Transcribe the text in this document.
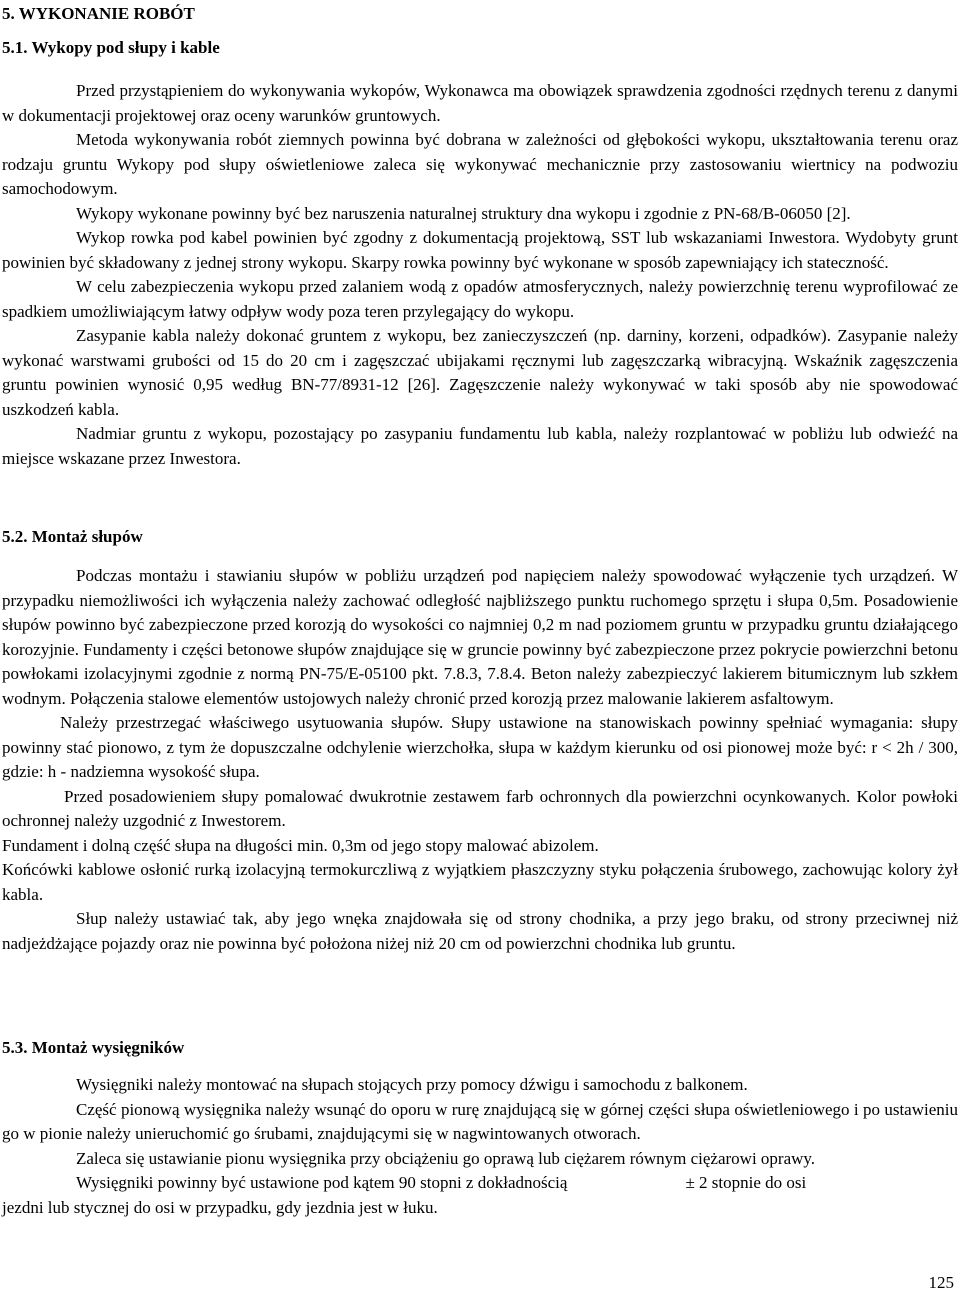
5. WYKONANIE ROBÓT
5.1. Wykopy pod słupy i kable

Przed przystąpieniem do wykonywania wykopów, Wykonawca ma obowiązek sprawdzenia zgodności rzędnych terenu z danymi w dokumentacji projektowej oraz oceny warunków gruntowych.

Metoda wykonywania robót ziemnych powinna być dobrana w zależności od głębokości wykopu, ukształtowania terenu oraz rodzaju gruntu Wykopy pod słupy oświetleniowe zaleca się wykonywać mechanicznie przy zastosowaniu wiertnicy na podwoziu samochodowym.

Wykopy wykonane powinny być bez naruszenia naturalnej struktury dna wykopu i zgodnie z PN-68/B-06050 [2].

Wykop rowka pod kabel powinien być zgodny z dokumentacją projektową, SST lub wskazaniami Inwestora. Wydobyty grunt powinien być składowany z jednej strony wykopu. Skarpy rowka powinny być wykonane w sposób zapewniający ich stateczność.

W celu zabezpieczenia wykopu przed zalaniem wodą z opadów atmosferycznych, należy powierzchnię terenu wyprofilować ze spadkiem umożliwiającym łatwy odpływ wody poza teren przylegający do wykopu.

Zasypanie kabla należy dokonać gruntem z wykopu, bez zanieczyszczeń (np. darniny, korzeni, odpadków). Zasypanie należy wykonać warstwami grubości od 15 do 20 cm i zagęszczać ubijakami ręcznymi lub zagęszczarką wibracyjną. Wskaźnik zagęszczenia gruntu powinien wynosić 0,95 według BN-77/8931-12 [26]. Zagęszczenie należy wykonywać w taki sposób aby nie spowodować uszkodzeń kabla.

Nadmiar gruntu z wykopu, pozostający po zasypaniu fundamentu lub kabla, należy rozplantować w pobliżu lub odwieźć na miejsce wskazane przez Inwestora.

5.2. Montaż słupów

Podczas montażu i stawianiu słupów w pobliżu urządzeń pod napięciem należy spowodować wyłączenie tych urządzeń. W przypadku niemożliwości ich wyłączenia należy zachować odległość najbliższego punktu ruchomego sprzętu i słupa 0,5m. Posadowienie słupów powinno być zabezpieczone przed korozją do wysokości co najmniej 0,2 m nad poziomem gruntu w przypadku gruntu działającego korozyjnie. Fundamenty i części betonowe słupów znajdujące się w gruncie powinny być zabezpieczone przez pokrycie powierzchni betonu powłokami izolacyjnymi zgodnie z normą PN-75/E-05100 pkt. 7.8.3, 7.8.4. Beton należy zabezpieczyć lakierem bitumicznym lub szkłem wodnym. Połączenia stalowe elementów ustojowych należy chronić przed korozją przez malowanie lakierem asfaltowym.

Należy przestrzegać właściwego usytuowania słupów. Słupy ustawione na stanowiskach powinny spełniać wymagania: słupy powinny stać pionowo, z tym że dopuszczalne odchylenie wierzchołka, słupa w każdym kierunku od osi pionowej może być: r < 2h / 300, gdzie: h - nadziemna wysokość słupa.

Przed posadowieniem słupy pomalować dwukrotnie zestawem farb ochronnych dla powierzchni ocynkowanych. Kolor powłoki ochronnej należy uzgodnić z Inwestorem.

Fundament i dolną część słupa na długości min. 0,3m od jego stopy malować abizolem.

Końcówki kablowe osłonić rurką izolacyjną termokurczliwą z wyjątkiem płaszczyzny styku połączenia śrubowego, zachowując kolory żył kabla.

Słup należy ustawiać tak, aby jego wnęka znajdowała się od strony chodnika, a przy jego braku, od strony przeciwnej niż nadjeżdżające pojazdy oraz nie powinna być położona niżej niż 20 cm od powierzchni chodnika lub gruntu.

5.3. Montaż wysięgników

Wysięgniki należy montować na słupach stojących przy pomocy dźwigu i samochodu z balkonem.

Część pionową wysięgnika należy wsunąć do oporu w rurę znajdującą się w górnej części słupa oświetleniowego i po ustawieniu go w pionie należy unieruchomić go śrubami, znajdującymi się w nagwintowanych otworach.

Zaleca się ustawianie pionu wysięgnika przy obciążeniu go oprawą lub ciężarem równym ciężarowi oprawy.

Wysięgniki powinny być ustawione pod kątem 90 stopni z dokładnością	± 2 stopnie do osi

jezdni lub stycznej do osi w przypadku, gdy jezdnia jest w łuku.

125
